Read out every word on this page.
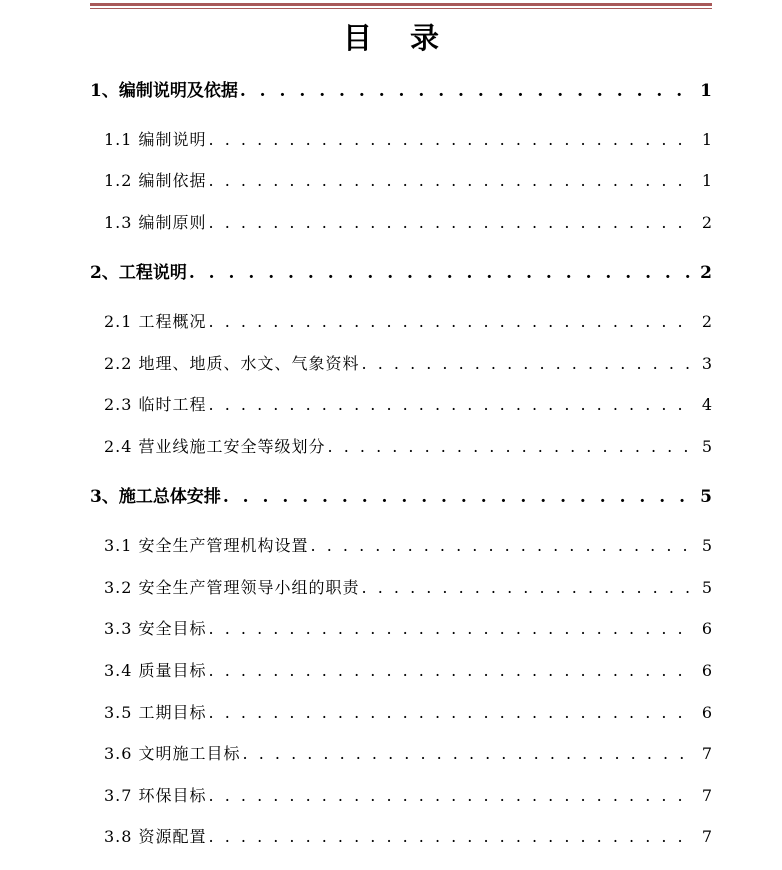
目 录
1、编制说明及依据 . . .	1
1.1 编制说明 . . .	1
1.2 编制依据 . . .	1
1.3 编制原则 . . .	2
2、工程说明 . . .	2
2.1 工程概况 . . .	2
2.2 地理、地质、水文、气象资料 . . .	3
2.3 临时工程 . . .	4
2.4 营业线施工安全等级划分 . . .	5
3、施工总体安排 . . .	5
3.1 安全生产管理机构设置 . . .	5
3.2 安全生产管理领导小组的职责 . . .	5
3.3 安全目标 . . .	6
3.4 质量目标 . . .	6
3.5 工期目标 . . .	6
3.6 文明施工目标 . . .	7
3.7 环保目标 . . .	7
3.8 资源配置 . . .	7
